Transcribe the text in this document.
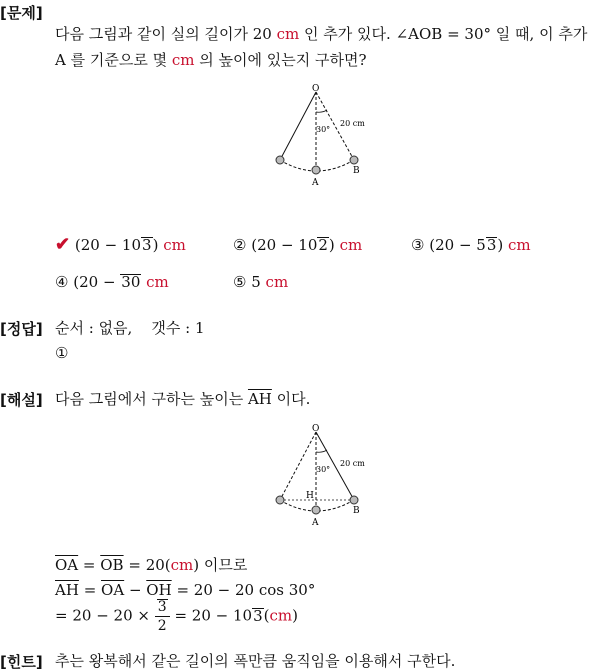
[문제]
다음 그림과 같이 실의 길이가 20 cm 인 추가 있다. ∠AOB = 30° 일 때, 이 추가
A 를 기준으로 몇 cm 의 높이에 있는지 구하면?
O
A
B
30°
20 cm
✔ (20 − 103) cm	② (20 − 102) cm	③ (20 − 53) cm
④ (20 − 30 cm	⑤ 5 cm
[정답] 순서 : 없음,    갯수 : 1
①
[해설] 다음 그림에서 구하는 높이는 $\overline{AH}$ 이다.
O
H
A
B
30°
20 cm
$\overline{OA} = \overline{OB} = 20(cm)$ 이므로
$\overline{AH} = \overline{OA} - \overline{OH} = 20 - 20$ cos 30°
= $20 - 20 \times \frac{3}{2} = 20 - 103(cm)$
[힌트] 추는 왕복해서 같은 길이의 폭만큼 움직임을 이용해서 구한다.
